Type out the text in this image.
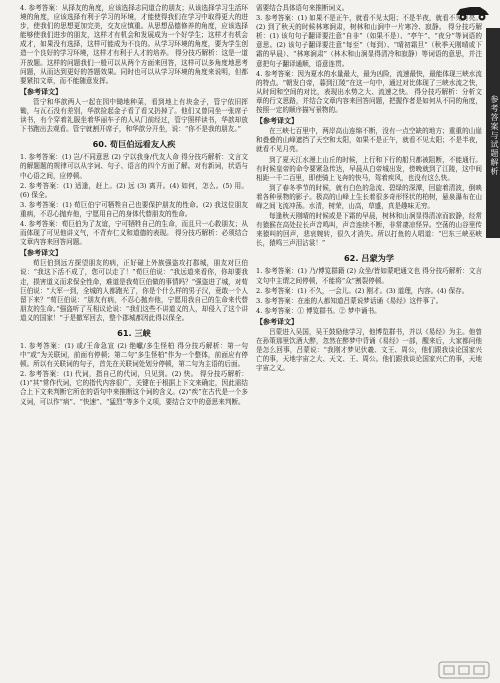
参考答案与试题解析

4. 参考答案：从择友的角度，应该选择志同道合的朋友；从该选择学习生活环境的角度，应该选择有利于学习的环境，才能使得我们在学习中取得更大的进步，使我们的思想更加完美，交友应慎重。从思想品德修养的角度，应该选择能够使我们进步的朋友，这样才有机会和发展成为一个好学生；这样才有机会成才，如果没有选择，这样可能成为不良的。从学习环境的角度，要为学生创造一个良好的学习环境，这样才有利于人才的培养。 得分技巧解析：这是一道开放题。这样的问题我们一般可以从两个方面来回答，这样可以多角度地思考问题，从而达到更好的答题效果。同时也可以从学习环境的角度来说明，但都要紧扣文章，而不能随意发挥。

【参考译文】

管宁和华歆两人一起在园中锄地种菜，看到地上有块金子，管宁依旧挥锄，与瓦石没有差别，华歆捡起金子看了看又扔掉了。他们又曾同坐一张席子读书，有个穿着礼服坐着华丽车子的人从门前经过，管宁照样读书，华歆却放下书跑出去观看。管宁就割开席子，和华歆分开坐，说：“你不是我的朋友。”

60. 荀巨伯远看友人疾

1. 参考答案：(1) 岂/不同意思 (2) 宁以我身/代友人命 得分技巧解析：文言文的解题题的规律可以从字词、句子、语言的四个方面了解。对有新词，状语与中心语之间，应停顿。

2. 参考答案：(1) 适逢，赶上。(2) 远 (3) 离开。(4) 如何，怎么。(5) 用。(6) 保全。

3. 参考答案：(1) 荀巨伯宁可牺牲自己也要保护朋友的性命。(2) 我这位朋友重病，不忍心抛弃他，宁愿用自己的身体代替朋友的性命。

4. 参考答案：荀巨伯为了友谊，宁可牺牲自己的生命，而且只一心救朋友；从而体现了可见他讲义气，不背弃仁义和道德的表现。 得分技巧解析：必须结合文章内容来回答问题。

【参考译文】

荀巨伯到远方探望朋友的病，正好碰上外族强盗攻打郡城，朋友对巨伯说：“我这下活不成了，您可以走了！”荀巨伯说：“我远道来看你，你却要我走，损害道义而求保全性命，难道是我荀巨伯做的事情吗？”强盗进了城，对荀巨伯说：“大军一到，全城的人都跑光了，你是个什么样的男子汉，竟敢一个人留下来？”荀巨伯说：“朋友有病，不忍心抛弃他，宁愿用我自己的生命来代替朋友的生命。”强盗听了互相议论说：“我们这些不讲道义的人，却侵入了这个讲道义的国家！”于是撤军回去，整个郡城都因此得以保全。

61. 三峡

1. 参考答案：(1) 或/王命急宣 (2) 绝巘/多生怪柏 得分技巧解析：第一句中“或”为关联词，前面有停顿；第二句“多生怪柏”作为一个整体，前面应有停顿。所以有关联词的句子，首先在关联词处划分停顿，第二句为主语的后面。

2. 参考答案：(1) 代词，指自己的代词，只见到。(2) 快。 得分技巧解析：(1)“其”常作代词，它的指代内容很广，关键在于根据上下文来确定，因此需结合上下文来判断它所在的语句中来推断这个词的含义。(2)“疾”在古代是一个多义词，可以作“病”、“快速”、“猛烈”等多个义项，要结合文中的意思来判断。

需要结合具体语句来推断词义。

3. 参考答案：(1) 如果不是正午，就看不见太阳；不是半夜，就看不见月亮。(2) 到了秋天的时候林寒涧肃，树林和山涧中一片寒冷、寂静。 得分技巧解析：(1) 该句句子翻译要注意“自非”（如果不是）、“亭午”、“夜分”等词语的意思。(2) 该句子翻译要注意“每至”（每到）、“晴初霜旦”（秋季天刚晴或下霜的早晨）、“林寒涧肃”（林木和山涧显得清冷和寂静）等词语的意思，并注意把句子翻译通顺，语意连贯。

4. 参考答案：因为夏水的水量最大，最为凶险，流速最快，最能体现三峡水流的特点。“朝发白帝，暮到江陵”在这一句中，通过对比体现了三峡水流之快，从时间和空间的对比，表现出水势之大、流速之快。 得分技巧解析：分析文章的行文思路，并结合文章内容来回答问题，把握作者是如何从不同的角度，按照一定的顺序描写景物的。

【参考译文】

在三峡七百里中，两岸高山连绵不断，没有一点空缺的地方；重重的山崖和叠叠的山峰遮挡了天空和太阳，如果不是正午，就看不见太阳；不是半夜，就看不见月亮。

到了夏天江水漫上山丘的时候，上行和下行的船只都被阻断，不能通行。有时候皇帝的命令要紧急传达，早晨从白帝城出发，傍晚就到了江陵，这中间相距一千二百里，即使骑上飞奔的快马，驾着疾风，也没有这么快。

到了春冬季节的时候，就有白色的急流、碧绿的深潭，回旋着清波，倒映着各种景物的影子。极高的山峰上生长着很多奇形怪状的柏树，悬泉瀑布在山峰之间飞流冲荡。水清，树荣，山高，草盛，真是趣味无穷。

每逢秋天刚晴的时候或是下霜的早晨，树林和山涧显得清凉而寂静，经常有猿猴在高处拉长声音鸣叫，声音连续不断，非常凄凉怪异。空荡的山谷里传来猿叫的回声，悲哀婉转，很久才消失。所以打鱼的人唱道：“巴东三峡巫峡长，猿鸣三声泪沾裳！”

62. 吕蒙为学

1. 参考答案：(1) 乃/博览群籍 (2) 众坐/皆如蒙吧通文也 得分技巧解析：文言文句中主谓之间停顿，不能将“众”割裂停顿。

2. 参考答案：(1) 不久，一会儿。(2) 刚才。(3) 道理，内容。(4) 保存。

3. 参考答案：在座的人都知道吕蒙说梦话诵《易经》这件事了。

4. 参考答案：① 博览群书。② 梦中诵书。

【参考译文】

吕蒙进入吴国，吴王鼓励他学习，他博览群书，并以《易经》为主。他曾在孙策那里饮酒大醉，忽然在醉梦中背诵《易经》一部，醒来后，大家都问他是怎么回事，吕蒙说：“我刚才梦见伏羲、文王、周公，他们跟我谈论国家兴亡的事，天地宇宙之大、天文、王、周公。他们跟我谈论国家兴亡的事，天地宇宙之义。
